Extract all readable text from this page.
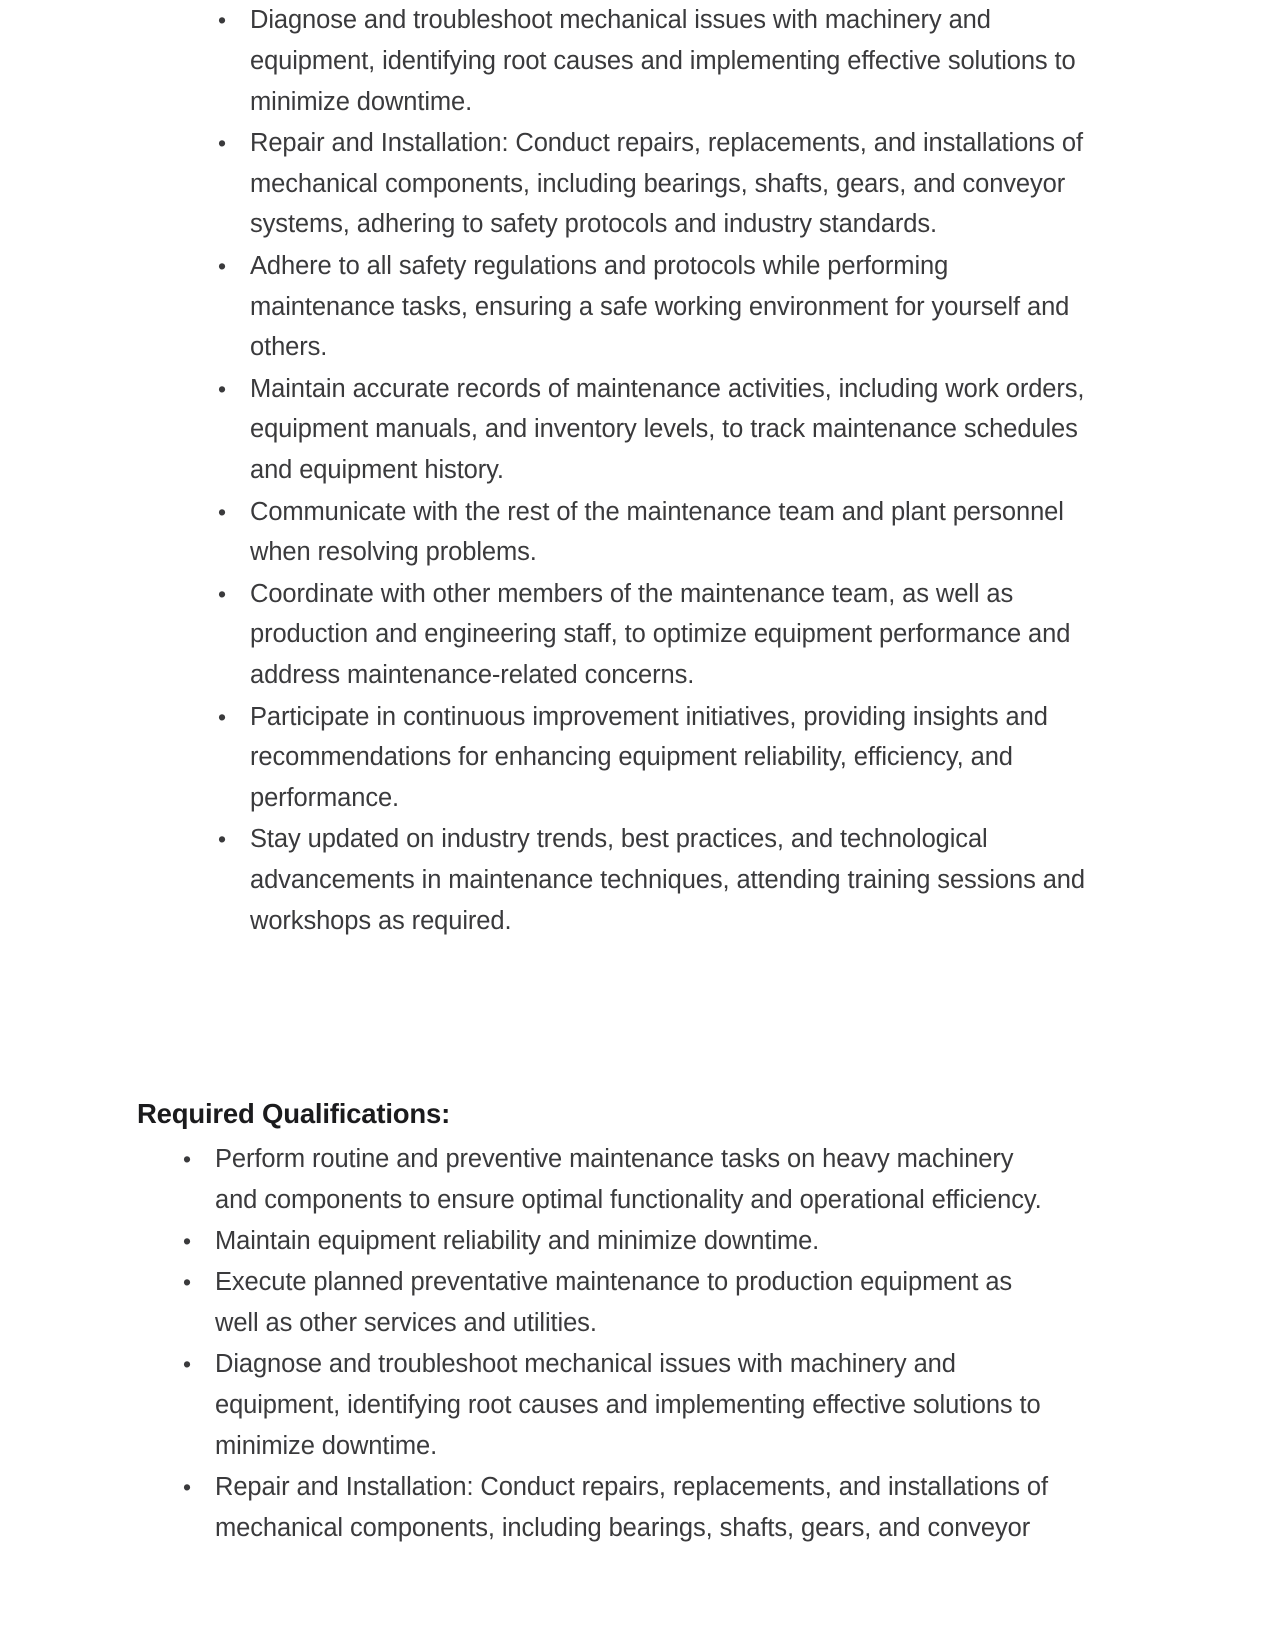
• Diagnose and troubleshoot mechanical issues with machinery and equipment, identifying root causes and implementing effective solutions to minimize downtime.
• Repair and Installation: Conduct repairs, replacements, and installations of mechanical components, including bearings, shafts, gears, and conveyor systems, adhering to safety protocols and industry standards.
• Adhere to all safety regulations and protocols while performing maintenance tasks, ensuring a safe working environment for yourself and others.
• Maintain accurate records of maintenance activities, including work orders, equipment manuals, and inventory levels, to track maintenance schedules and equipment history.
• Communicate with the rest of the maintenance team and plant personnel when resolving problems.
• Coordinate with other members of the maintenance team, as well as production and engineering staff, to optimize equipment performance and address maintenance-related concerns.
• Participate in continuous improvement initiatives, providing insights and recommendations for enhancing equipment reliability, efficiency, and performance.
• Stay updated on industry trends, best practices, and technological advancements in maintenance techniques, attending training sessions and workshops as required.
Required Qualifications:
• Perform routine and preventive maintenance tasks on heavy machinery and components to ensure optimal functionality and operational efficiency.
• Maintain equipment reliability and minimize downtime.
• Execute planned preventative maintenance to production equipment as well as other services and utilities.
• Diagnose and troubleshoot mechanical issues with machinery and equipment, identifying root causes and implementing effective solutions to minimize downtime.
• Repair and Installation: Conduct repairs, replacements, and installations of mechanical components, including bearings, shafts, gears, and conveyor
